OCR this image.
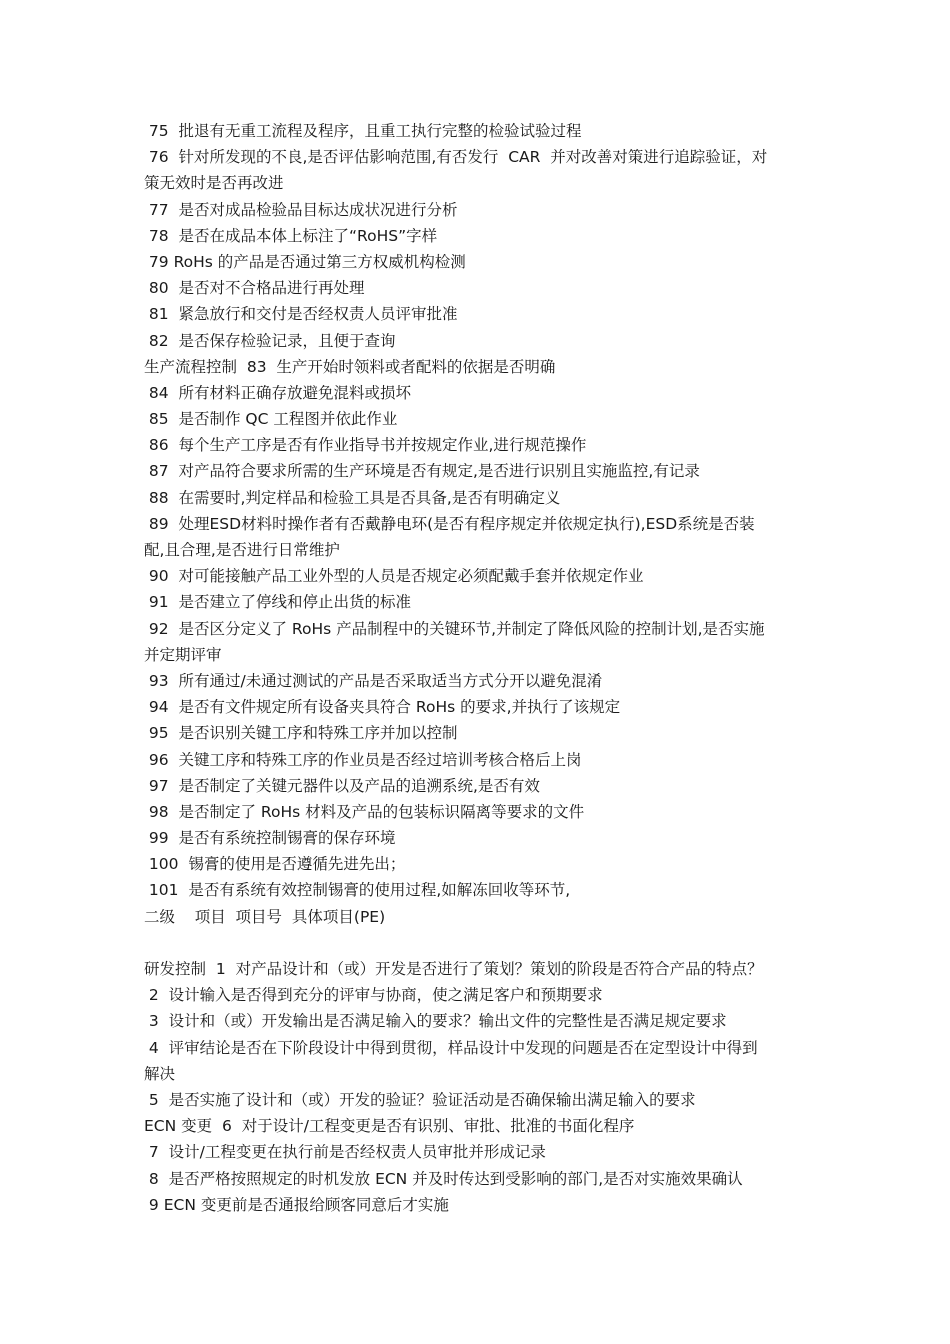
75  批退有无重工流程及程序，且重工执行完整的检验试验过程
76  针对所发现的不良,是否评估影响范围,有否发行  CAR  并对改善对策进行追踪验证，对
策无效时是否再改进
77  是否对成品检验品目标达成状况进行分析
78  是否在成品本体上标注了“RoHS”字样
79 RoHs 的产品是否通过第三方权威机构检测
80  是否对不合格品进行再处理
81  紧急放行和交付是否经权责人员评审批准
82  是否保存检验记录，且便于查询
生产流程控制  83  生产开始时领料或者配料的依据是否明确
84  所有材料正确存放避免混料或损坏
85  是否制作 QC 工程图并依此作业
86  每个生产工序是否有作业指导书并按规定作业,进行规范操作
87  对产品符合要求所需的生产环境是否有规定,是否进行识别且实施监控,有记录
88  在需要时,判定样品和检验工具是否具备,是否有明确定义
89  处理ESD材料时操作者有否戴静电环(是否有程序规定并依规定执行),ESD系统是否装
配,且合理,是否进行日常维护
90  对可能接触产品工业外型的人员是否规定必须配戴手套并依规定作业
91  是否建立了停线和停止出货的标准
92  是否区分定义了 RoHs 产品制程中的关键环节,并制定了降低风险的控制计划,是否实施
并定期评审
93  所有通过/未通过测试的产品是否采取适当方式分开以避免混淆
94  是否有文件规定所有设备夹具符合 RoHs 的要求,并执行了该规定
95  是否识别关键工序和特殊工序并加以控制
96  关键工序和特殊工序的作业员是否经过培训考核合格后上岗
97  是否制定了关键元器件以及产品的追溯系统,是否有效
98  是否制定了 RoHs 材料及产品的包装标识隔离等要求的文件
99  是否有系统控制锡膏的保存环境
100  锡膏的使用是否遵循先进先出；
101  是否有系统有效控制锡膏的使用过程,如解冻回收等环节,
二级    项目  项目号  具体项目(PE)
研发控制  1  对产品设计和（或）开发是否进行了策划？策划的阶段是否符合产品的特点？
2  设计输入是否得到充分的评审与协商，使之满足客户和预期要求
3  设计和（或）开发输出是否满足输入的要求？输出文件的完整性是否满足规定要求
4  评审结论是否在下阶段设计中得到贯彻，样品设计中发现的问题是否在定型设计中得到
解决
5  是否实施了设计和（或）开发的验证？验证活动是否确保输出满足输入的要求
ECN 变更  6  对于设计/工程变更是否有识别、审批、批准的书面化程序
7  设计/工程变更在执行前是否经权责人员审批并形成记录
8  是否严格按照规定的时机发放 ECN 并及时传达到受影响的部门,是否对实施效果确认
9 ECN 变更前是否通报给顾客同意后才实施
